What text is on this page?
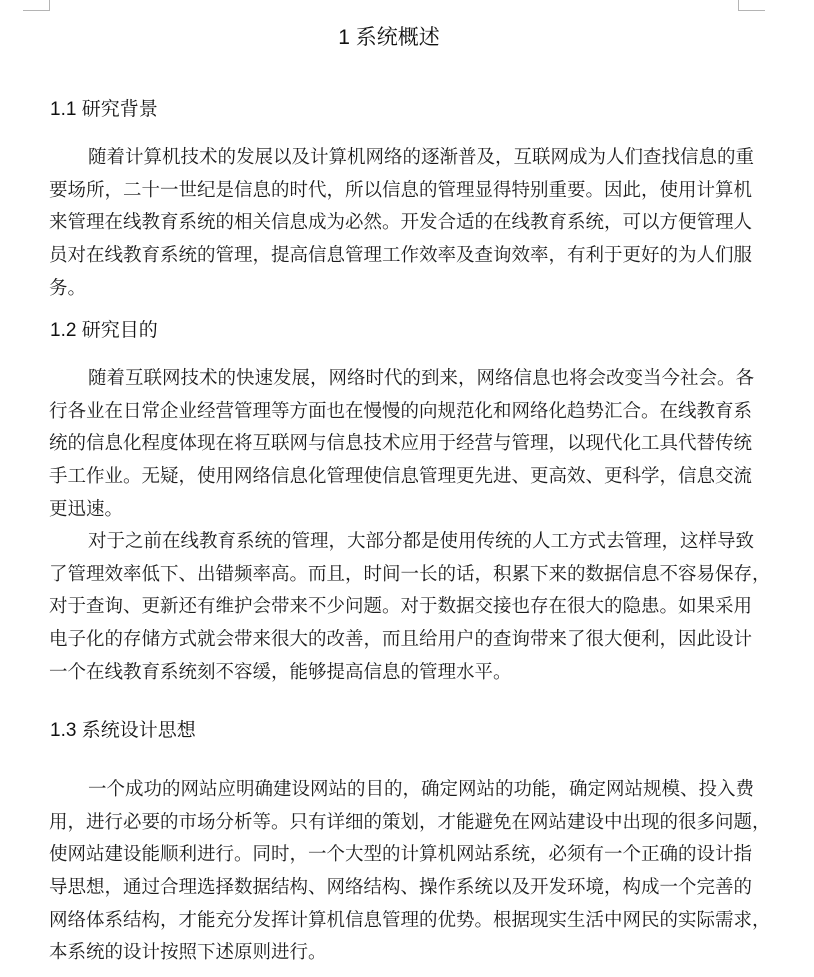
1 系统概述
1.1 研究背景

随着计算机技术的发展以及计算机网络的逐渐普及，互联网成为人们查找信息的重
要场所，二十一世纪是信息的时代，所以信息的管理显得特别重要。因此，使用计算机
来管理在线教育系统的相关信息成为必然。开发合适的在线教育系统，可以方便管理人
员对在线教育系统的管理，提高信息管理工作效率及查询效率，有利于更好的为人们服
务。

1.2 研究目的

随着互联网技术的快速发展，网络时代的到来，网络信息也将会改变当今社会。各
行各业在日常企业经营管理等方面也在慢慢的向规范化和网络化趋势汇合。在线教育系
统的信息化程度体现在将互联网与信息技术应用于经营与管理，以现代化工具代替传统
手工作业。无疑，使用网络信息化管理使信息管理更先进、更高效、更科学，信息交流
更迅速。

对于之前在线教育系统的管理，大部分都是使用传统的人工方式去管理，这样导致
了管理效率低下、出错频率高。而且，时间一长的话，积累下来的数据信息不容易保存，
对于查询、更新还有维护会带来不少问题。对于数据交接也存在很大的隐患。如果采用
电子化的存储方式就会带来很大的改善，而且给用户的查询带来了很大便利，因此设计
一个在线教育系统刻不容缓，能够提高信息的管理水平。

1.3 系统设计思想

一个成功的网站应明确建设网站的目的，确定网站的功能，确定网站规模、投入费
用，进行必要的市场分析等。只有详细的策划，才能避免在网站建设中出现的很多问题，
使网站建设能顺利进行。同时，一个大型的计算机网站系统，必须有一个正确的设计指
导思想，通过合理选择数据结构、网络结构、操作系统以及开发环境，构成一个完善的
网络体系结构，才能充分发挥计算机信息管理的优势。根据现实生活中网民的实际需求，
本系统的设计按照下述原则进行。
